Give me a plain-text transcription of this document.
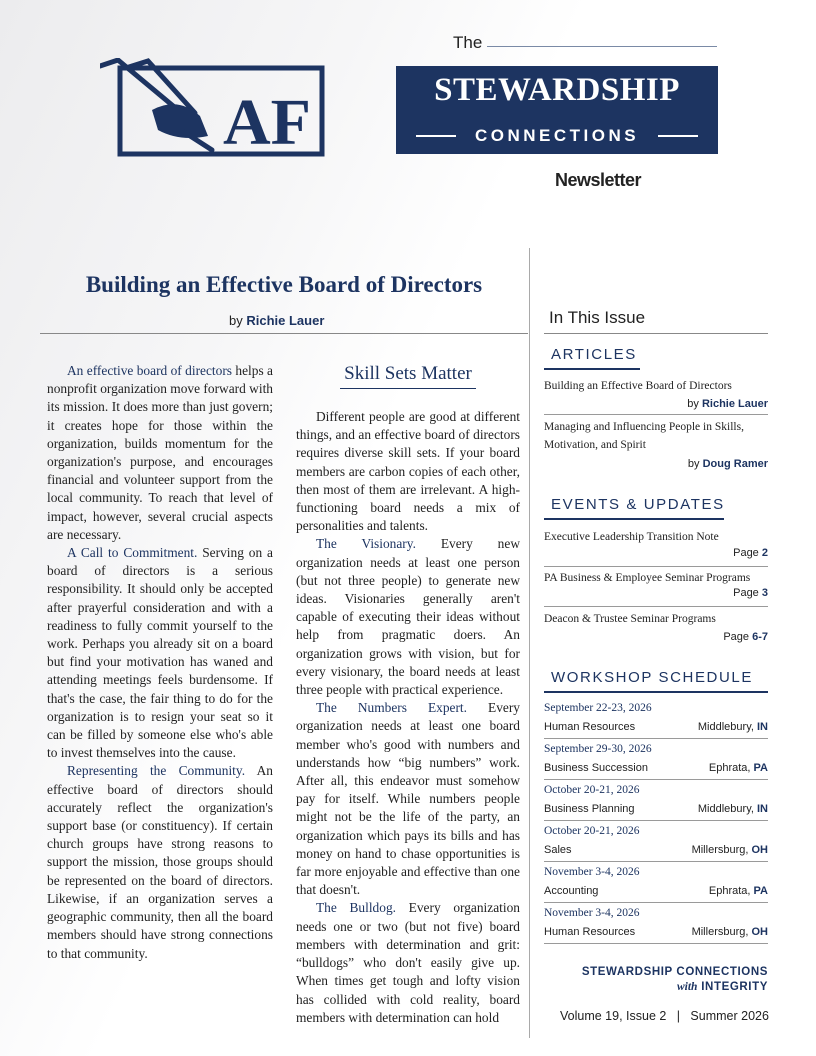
AF
The
STEWARDSHIP
CONNECTIONS
Newsletter
Building an Effective Board of Directors
by Richie Lauer

An effective board of directors helps a nonprofit organization move forward with its mission. It does more than just govern; it creates hope for those within the organization, builds momentum for the organization's purpose, and encourages financial and volunteer support from the local community. To reach that level of impact, however, several crucial aspects are necessary.

A Call to Commitment. Serving on a board of directors is a serious responsibility. It should only be accepted after prayerful consideration and with a readiness to fully commit yourself to the work. Perhaps you already sit on a board but find your motivation has waned and attending meetings feels burdensome. If that's the case, the fair thing to do for the organization is to resign your seat so it can be filled by someone else who's able to invest themselves into the cause.

Representing the Community. An effective board of directors should accurately reflect the organization's support base (or constituency). If certain church groups have strong reasons to support the mission, those groups should be represented on the board of directors. Likewise, if an organization serves a geographic community, then all the board members should have strong connections to that community.

Skill Sets Matter

Different people are good at different things, and an effective board of directors requires diverse skill sets. If your board members are carbon copies of each other, then most of them are irrelevant. A high-functioning board needs a mix of personalities and talents.

The Visionary. Every new organization needs at least one person (but not three people) to generate new ideas. Visionaries generally aren't capable of executing their ideas without help from pragmatic doers. An organization grows with vision, but for every visionary, the board needs at least three people with practical experience.

The Numbers Expert. Every organization needs at least one board member who's good with numbers and understands how “big numbers” work. After all, this endeavor must somehow pay for itself. While numbers people might not be the life of the party, an organization which pays its bills and has money on hand to chase opportunities is far more enjoyable and effective than one that doesn't.

The Bulldog. Every organization needs one or two (but not five) board members with determination and grit: “bulldogs” who don't easily give up. When times get tough and lofty vision has collided with cold reality, board members with determination can hold

In This Issue
ARTICLES
Building an Effective Board of Directors
by Richie Lauer
Managing and Influencing People in Skills,
Motivation, and Spirit
by Doug Ramer
EVENTS & UPDATES
Executive Leadership Transition Note
Page 2
PA Business & Employee Seminar Programs
Page 3
Deacon & Trustee Seminar Programs
Page 6-7
WORKSHOP SCHEDULE
September 22-23, 2026
Human Resources	Middlebury, IN
September 29-30, 2026
Business Succession	Ephrata, PA
October 20-21, 2026
Business Planning	Middlebury, IN
October 20-21, 2026
Sales	Millersburg, OH
November 3-4, 2026
Accounting	Ephrata, PA
November 3-4, 2026
Human Resources	Millersburg, OH
STEWARDSHIP CONNECTIONS
with INTEGRITY
Volume 19, Issue 2 | Summer 2026
